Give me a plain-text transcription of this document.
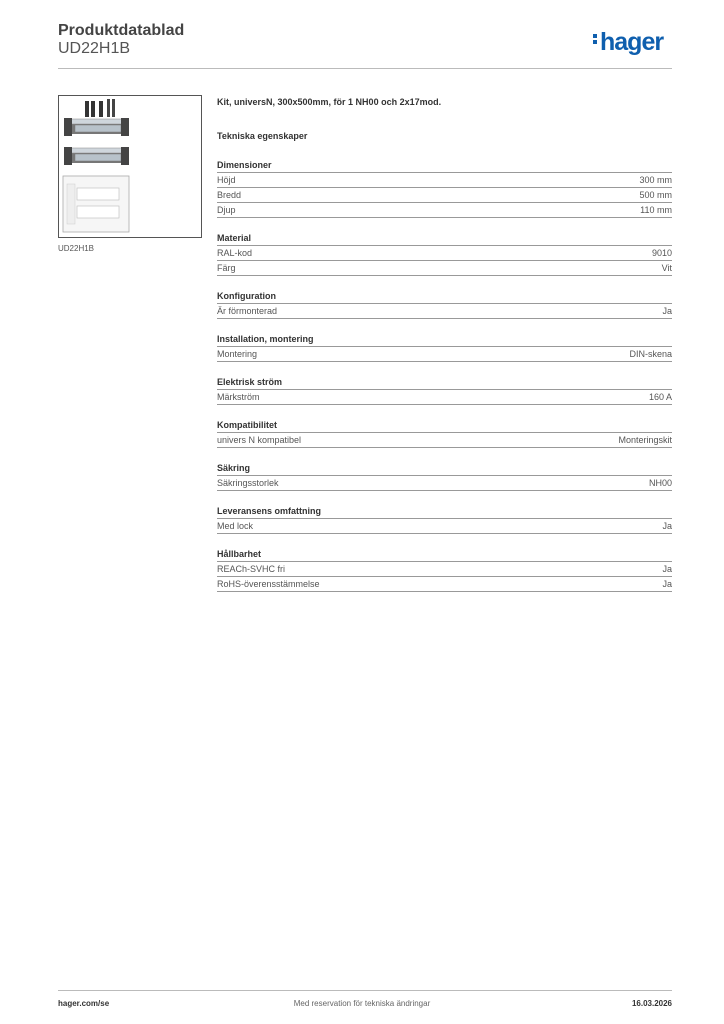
Produktdatablad
UD22H1B	hager
UD22H1B
Kit, universN, 300x500mm, för 1 NH00 och 2x17mod.
Tekniska egenskaper
Dimensioner
Höjd	300 mm
Bredd	500 mm
Djup	110 mm
Material
RAL-kod	9010
Färg	Vit
Konfiguration
Är förmonterad	Ja
Installation, montering
Montering	DIN-skena
Elektrisk ström
Märkström	160 A
Kompatibilitet
univers N kompatibel	Monteringskit
Säkring
Säkringsstorlek	NH00
Leveransens omfattning
Med lock	Ja
Hållbarhet
REACh-SVHC fri	Ja
RoHS-överensstämmelse	Ja
hager.com/se	Med reservation för tekniska ändringar	16.03.2026
